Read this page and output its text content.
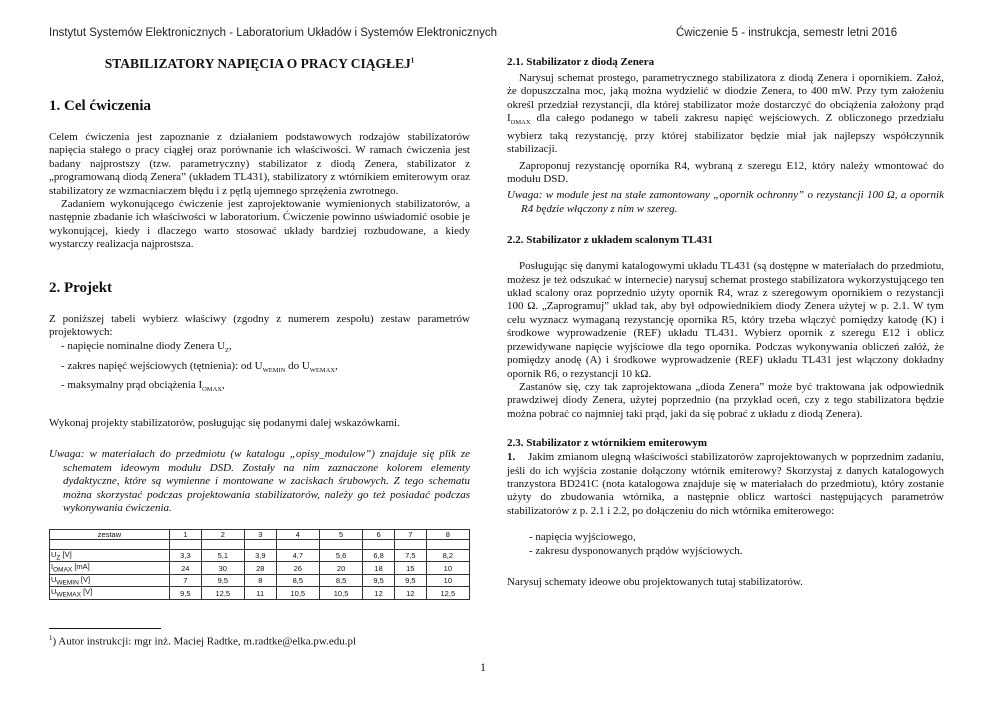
Instytut Systemów Elektronicznych - Laboratorium Układów i Systemów Elektronicznych	Ćwiczenie 5 - instrukcja, semestr letni 2016
STABILIZATORY NAPIĘCIA O PRACY CIĄGŁEJ$^1$
1. Cel ćwiczenia

Celem ćwiczenia jest zapoznanie z działaniem podstawowych rodzajów stabilizatorów napięcia stałego o pracy ciągłej oraz porównanie ich właściwości. W ramach ćwiczenia jest badany najprostszy (tzw. parametryczny) stabilizator z diodą Zenera, stabilizator z „programowaną diodą Zenera” (układem TL431), stabilizatory z wtórnikiem emiterowym oraz stabilizatory ze wzmacniaczem błędu i z pętlą ujemnego sprzężenia zwrotnego.

Zadaniem wykonującego ćwiczenie jest zaprojektowanie wymienionych stabilizatorów, a następnie zbadanie ich właściwości w laboratorium. Ćwiczenie powinno uświadomić osobie je wykonującej, kiedy i dlaczego warto stosować układy bardziej rozbudowane, a kiedy wystarczy realizacja najprostsza.

2. Projekt

Z poniższej tabeli wybierz właściwy (zgodny z numerem zespołu) zestaw parametrów projektowych:

- napięcie nominalne diody Zenera $U_Z$,
- zakres napięć wejściowych (tętnienia): od $U_{WEMIN}$ do $U_{WEMAX}$,
- maksymalny prąd obciążenia $I_{OMAX}$,

Wykonaj projekty stabilizatorów, posługując się podanymi dalej wskazówkami.

Uwaga: w materiałach do przedmiotu (w katalogu „opisy_modulow”) znajduje się plik ze schematem ideowym modułu DSD. Zostały na nim zaznaczone kolorem elementy dydaktyczne, które są wymienne i montowane w zaciskach śrubowych. Z tego schematu można skorzystać podczas projektowania stabilizatorów, należy go też posiadać podczas wykonywania ćwiczenia.

zestaw	1	2	3	4	5	6	7	8

$U_Z$ [V]	3,3	5,1	3,9	4,7	5,6	6,8	7,5	8,2
$I_{OMAX}$ [mA]	24	30	28	26	20	18	15	10
$U_{WEMIN}$ [V]	7	9,5	8	8,5	8,5	9,5	9,5	10
$U_{WEMAX}$ [V]	9,5	12,5	11	10,5	10,5	12	12	12,5
$^1$) Autor instrukcji: mgr inż. Maciej Radtke, m.radtke@elka.pw.edu.pl
1
2.1. Stabilizator z diodą Zenera

Narysuj schemat prostego, parametrycznego stabilizatora z diodą Zenera i opornikiem. Założ, że dopuszczalna moc, jaką można wydzielić w diodzie Zenera, to 400 mW. Przy tym założeniu określ przedział rezystancji, dla której stabilizator może dostarczyć do obciążenia założony prąd $I_{OMAX}$ dla całego podanego w tabeli zakresu napięć wejściowych. Z obliczonego przedziału wybierz taką rezystancję, przy której stabilizator będzie miał jak najlepszy współczynnik stabilizacji.

Zaproponuj rezystancję opornika R4, wybraną z szeregu E12, który należy wmontować do modułu DSD.

Uwaga: w module jest na stałe zamontowany „opornik ochronny” o rezystancji 100 Ω, a opornik R4 będzie włączony z nim w szereg.

2.2. Stabilizator z układem scalonym TL431

Posługując się danymi katalogowymi układu TL431 (są dostępne w materiałach do przedmiotu, możesz je też odszukać w internecie) narysuj schemat prostego stabilizatora wykorzystującego ten układ scalony oraz poprzednio użyty opornik R4, wraz z szeregowym opornikiem o rezystancji 100 Ω. „Zaprogramuj” układ tak, aby był odpowiednikiem diody Zenera użytej w p. 2.1. W tym celu wyznacz wymaganą rezystancję opornika R5, który trzeba włączyć pomiędzy katodę (K) i środkowe wyprowadzenie (REF) układu TL431. Wybierz opornik z szeregu E12 i oblicz przewidywane napięcie wyjściowe dla tego opornika. Podczas wykonywania obliczeń załóż, że pomiędzy anodę (A) i środkowe wyprowadzenie (REF) układu TL431 jest włączony dokładny opornik R6, o rezystancji 10 kΩ.

Zastanów się, czy tak zaprojektowana „dioda Zenera” może być traktowana jak odpowiednik prawdziwej diody Zenera, użytej poprzednio (na przykład oceń, czy z tego stabilizatora będzie można pobrać co najmniej taki prąd, jaki da się pobrać z układu z diodą Zenera).

2.3. Stabilizator z wtórnikiem emiterowym

1. Jakim zmianom ulegną właściwości stabilizatorów zaprojektowanych w poprzednim zadaniu, jeśli do ich wyjścia zostanie dołączony wtórnik emiterowy? Skorzystaj z danych katalogowych tranzystora BD241C (nota katalogowa znajduje się w materiałach do przedmiotu), który zostanie użyty do zbudowania wtórnika, a następnie oblicz wartości następujących parametrów stabilizatorów z p. 2.1 i 2.2, po dołączeniu do nich wtórnika emiterowego:

- napięcia wyjściowego,
- zakresu dysponowanych prądów wyjściowych.

Narysuj schematy ideowe obu projektowanych tutaj stabilizatorów.
